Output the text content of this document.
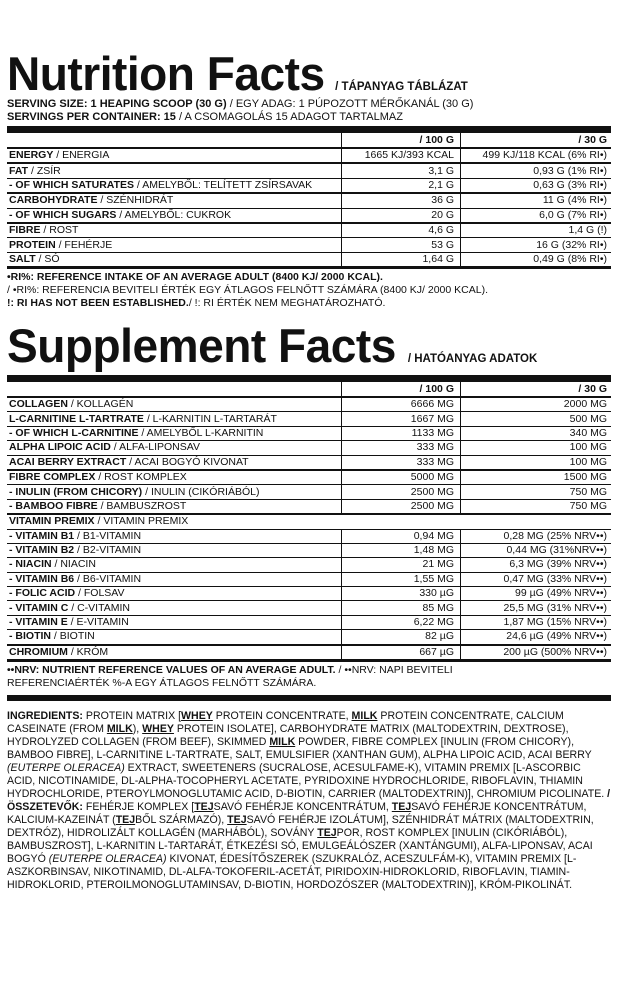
Nutrition Facts / TÁPANYAG TÁBLÁZAT
SERVING SIZE: 1 HEAPING SCOOP (30 G) / EGY ADAG: 1 PÚPOZOTT MÉRŐKANÁL (30 G)
SERVINGS PER CONTAINER: 15 / A CSOMAGOLÁS 15 ADAGOT TARTALMAZ
	/ 100 G	/ 30 G
ENERGY / ENERGIA	1665 KJ/393 KCAL	499 KJ/118 KCAL (6% RI•)
FAT / ZSÍR	3,1 G	0,93 G (1% RI•)
- OF WHICH SATURATES / AMELYBŐL: TELÍTETT ZSÍRSAVAK	2,1 G	0,63 G (3% RI•)
CARBOHYDRATE / SZÉNHIDRÁT	36 G	11 G (4% RI•)
- OF WHICH SUGARS / AMELYBŐL: CUKROK	20 G	6,0 G (7% RI•)
FIBRE / ROST	4,6 G	1,4 G (!)
PROTEIN / FEHÉRJE	53 G	16 G (32% RI•)
SALT / SÓ	1,64 G	0,49 G (8% RI•)
•RI%: REFERENCE INTAKE OF AN AVERAGE ADULT (8400 KJ/ 2000 KCAL).
/ •RI%: REFERENCIA BEVITELI ÉRTÉK EGY ÁTLAGOS FELNŐTT SZÁMÁRA (8400 KJ/ 2000 KCAL).
!: RI HAS NOT BEEN ESTABLISHED./ !: RI ÉRTÉK NEM MEGHATÁROZHATÓ.
Supplement Facts / HATÓANYAG ADATOK
	/ 100 G	/ 30 G
COLLAGEN / KOLLAGÉN	6666 MG	2000 MG
L-CARNITINE L-TARTRATE / L-KARNITIN L-TARTARÁT	1667 MG	500 MG
- OF WHICH L-CARNITINE / AMELYBŐL L-KARNITIN	1133 MG	340 MG
ALPHA LIPOIC ACID / ALFA-LIPONSAV	333 MG	100 MG
ACAI BERRY EXTRACT / ACAI BOGYÓ KIVONAT	333 MG	100 MG
FIBRE COMPLEX / ROST KOMPLEX	5000 MG	1500 MG
- INULIN (FROM CHICORY) / INULIN (CIKÓRIÁBÓL)	2500 MG	750 MG
- BAMBOO FIBRE / BAMBUSZROST	2500 MG	750 MG
VITAMIN PREMIX / VITAMIN PREMIX		
- VITAMIN B1 / B1-VITAMIN	0,94 MG	0,28 MG (25% NRV••)
- VITAMIN B2 / B2-VITAMIN	1,48 MG	0,44 MG (31%NRV••)
- NIACIN / NIACIN	21 MG	6,3 MG (39% NRV••)
- VITAMIN B6 / B6-VITAMIN	1,55 MG	0,47 MG (33% NRV••)
- FOLIC ACID / FOLSAV	330 µG	99 µG (49% NRV••)
- VITAMIN C / C-VITAMIN	85 MG	25,5 MG (31% NRV••)
- VITAMIN E / E-VITAMIN	6,22 MG	1,87 MG (15% NRV••)
- BIOTIN / BIOTIN	82 µG	24,6 µG (49% NRV••)
CHROMIUM / KRÓM	667 µG	200 µG (500% NRV••)
••NRV: NUTRIENT REFERENCE VALUES OF AN AVERAGE ADULT. / ••NRV: NAPI BEVITELI
REFERENCIAÉRTÉK %-A EGY ÁTLAGOS FELNŐTT SZÁMÁRA.
INGREDIENTS: PROTEIN MATRIX [WHEY PROTEIN CONCENTRATE, MILK PROTEIN CONCENTRATE, CALCIUM CASEINATE (FROM MILK), WHEY PROTEIN ISOLATE], CARBOHYDRATE MATRIX (MALTODEXTRIN, DEXTROSE), HYDROLYZED COLLAGEN (FROM BEEF), SKIMMED MILK POWDER, FIBRE COMPLEX [INULIN (FROM CHICORY), BAMBOO FIBRE], L-CARNITINE L-TARTRATE, SALT, EMULSIFIER (XANTHAN GUM), ALPHA LIPOIC ACID, ACAI BERRY (EUTERPE OLERACEA) EXTRACT, SWEETENERS (SUCRALOSE, ACESULFAME-K), VITAMIN PREMIX [L-ASCORBIC ACID, NICOTINAMIDE, DL-ALPHA-TOCOPHERYL ACETATE, PYRIDOXINE HYDROCHLORIDE, RIBOFLAVIN, THIAMIN HYDROCHLORIDE, PTEROYLMONOGLUTAMIC ACID, D-BIOTIN, CARRIER (MALTODEXTRIN)], CHROMIUM PICOLINATE. / ÖSSZETEVŐK: FEHÉRJE KOMPLEX [TEJSAVÓ FEHÉRJE KONCENTRÁTUM, TEJSAVÓ FEHÉRJE KONCENTRÁTUM, KALCIUM-KAZEINÁT (TEJBŐL SZÁRMAZÓ), TEJSAVÓ FEHÉRJE IZOLÁTUM], SZÉNHIDRÁT MÁTRIX (MALTODEXTRIN, DEXTRÓZ), HIDROLIZÁLT KOLLAGÉN (MARHÁBÓL), SOVÁNY TEJPOR, ROST KOMPLEX [INULIN (CIKÓRIÁBÓL), BAMBUSZROST], L-KARNITIN L-TARTARÁT, ÉTKEZÉSI SÓ, EMULGEÁLÓSZER (XANTÁNGUMI), ALFA-LIPONSAV, ACAI BOGYÓ (EUTERPE OLERACEA) KIVONAT, ÉDESÍTŐSZEREK (SZUKRALÓZ, ACESZULFÁM-K), VITAMIN PREMIX [L-ASZKORBINSAV, NIKOTINAMID, DL-ALFA-TOKOFERIL-ACETÁT, PIRIDOXIN-HIDROKLORID, RIBOFLAVIN, TIAMIN-HIDROKLORID, PTEROILMONOGLUTAMINSAV, D-BIOTIN, HORDOZÓSZER (MALTODEXTRIN)], KRÓM-PIKOLINÁT.
